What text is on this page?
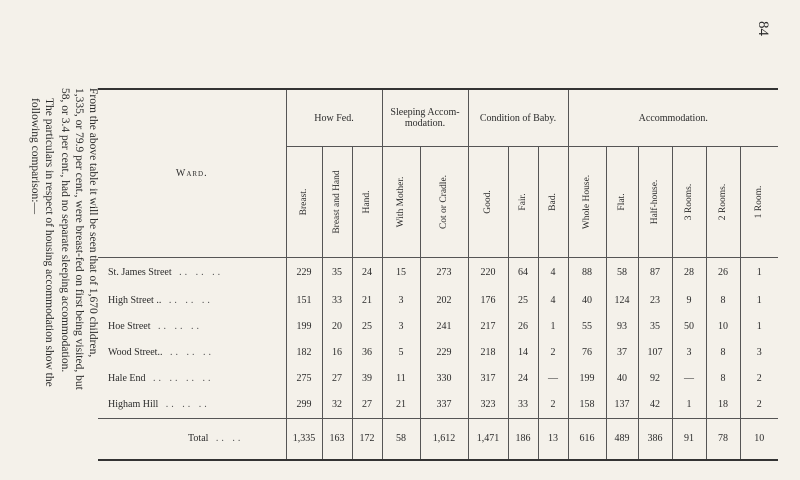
84
From the above table it will be seen that of 1,670 children,
1,335, or 79.9 per cent., were breast-fed on first being visited, but
58, or 3.4 per cent., had no separate sleeping accommodation.
The particulars in respect of housing accommodation show the
following comparison:—	Ward.	How Fed.			Sleeping Accom- modation.		Condition of Baby.			Accommodation.					

	Breast.	Breast and Hand	Hand.	With Mother.	Cot or Cradle.	Good.	Fair.	Bad.	Whole House.	Flat.	Half-house.	3 Rooms.	2 Rooms.	1 Room.

St. James Street .. .. ..	229	35	24	15	273	220	64	4	88	58	87	28	26	1
High Street .. .. .. ..	151	33	21	3	202	176	25	4	40	124	23	9	8	1
Hoe Street .. .. ..	199	20	25	3	241	217	26	1	55	93	35	50	10	1
Wood Street.. .. .. ..	182	16	36	5	229	218	14	2	76	37	107	3	8	3
Hale End .. .. .. ..	275	27	39	11	330	317	24	—	199	40	92	—	8	2
Higham Hill .. .. ..	299	32	27	21	337	323	33	2	158	137	42	1	18	2
Total .. ..	1,335	163	172	58	1,612	1,471	186	13	616	489	386	91	78	10
